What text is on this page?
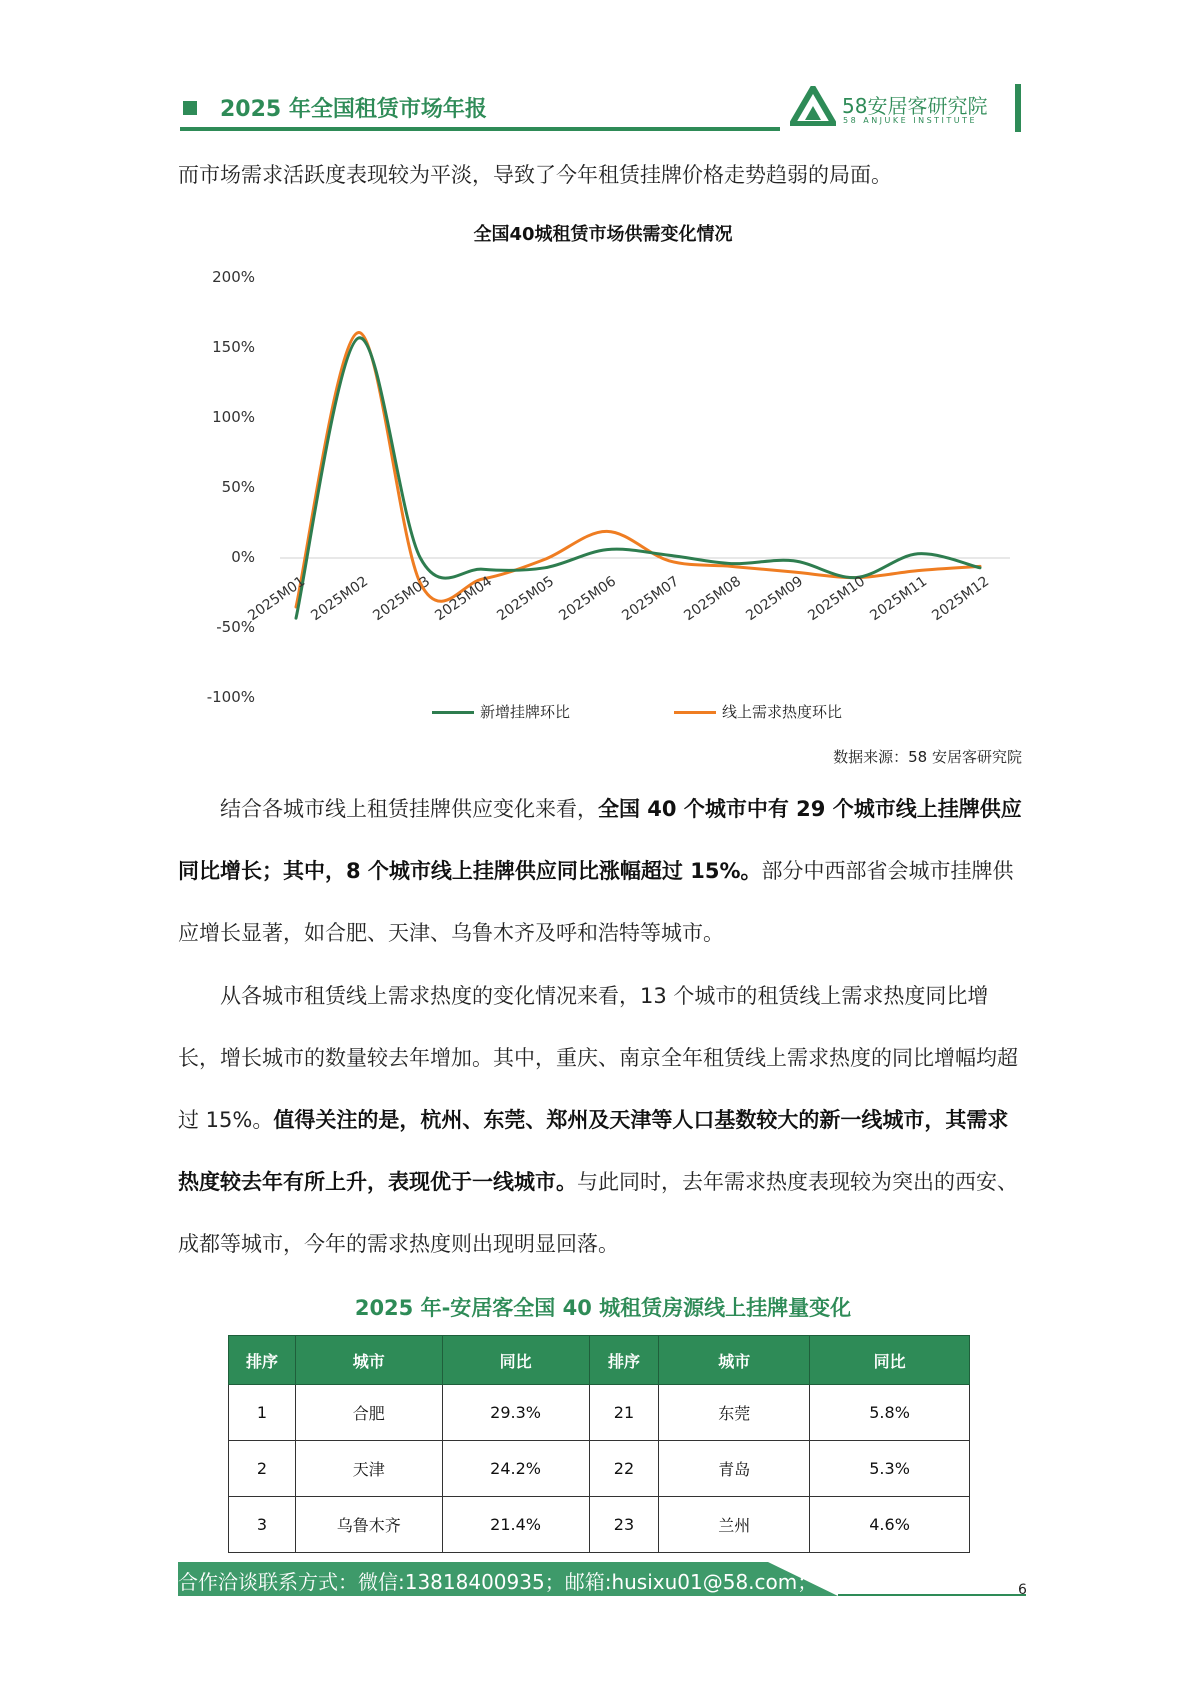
2025 年全国租赁市场年报	58安居客研究院
58 ANJUKE INSTITUTE
而市场需求活跃度表现较为平淡，导致了今年租赁挂牌价格走势趋弱的局面。
全国40城租赁市场供需变化情况
200%
150%
100%
50%
0%
-50%
-100%
2025M01 2025M02 2025M03 2025M04 2025M05 2025M06 2025M07 2025M08 2025M09 2025M10 2025M11 2025M12
新增挂牌环比	线上需求热度环比
数据来源：58 安居客研究院
结合各城市线上租赁挂牌供应变化来看，全国 40 个城市中有 29 个城市线上挂牌供应同比增长；其中，8 个城市线上挂牌供应同比涨幅超过 15%。部分中西部省会城市挂牌供应增长显著，如合肥、天津、乌鲁木齐及呼和浩特等城市。
从各城市租赁线上需求热度的变化情况来看，13 个城市的租赁线上需求热度同比增长，增长城市的数量较去年增加。其中，重庆、南京全年租赁线上需求热度的同比增幅均超过 15%。值得关注的是，杭州、东莞、郑州及天津等人口基数较大的新一线城市，其需求热度较去年有所上升，表现优于一线城市。与此同时，去年需求热度表现较为突出的西安、成都等城市，今年的需求热度则出现明显回落。
2025 年-安居客全国 40 城租赁房源线上挂牌量变化
排序	城市	同比	排序	城市	同比
1	合肥	29.3%	21	东莞	5.8%
2	天津	24.2%	22	青岛	5.3%
3	乌鲁木齐	21.4%	23	兰州	4.6%
合作洽谈联系方式：微信:13818400935；邮箱:husixu01@58.com；	6
